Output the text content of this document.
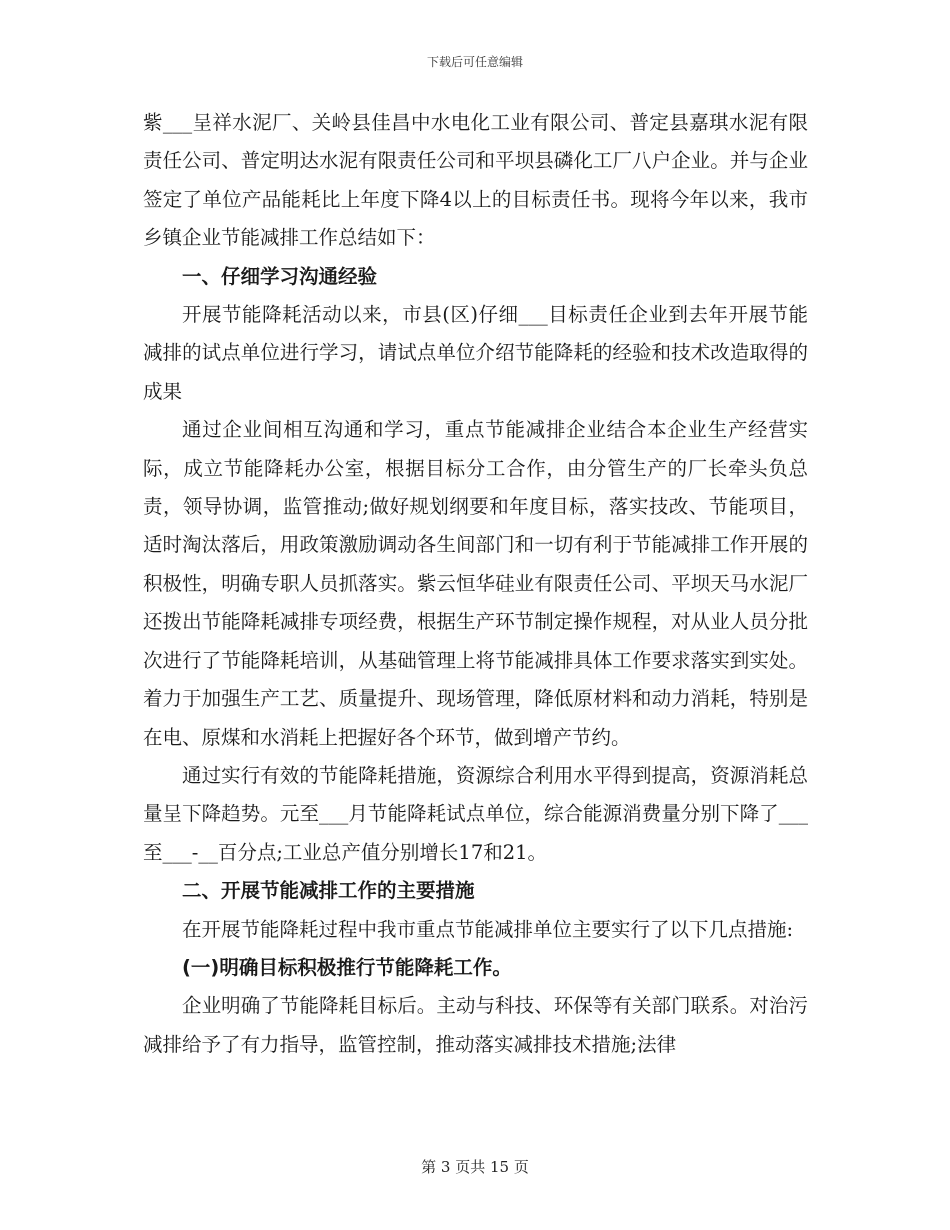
下载后可任意编辑

紫___呈祥水泥厂、关岭县佳昌中水电化工业有限公司、普定县嘉琪水泥有限责任公司、普定明达水泥有限责任公司和平坝县磷化工厂八户企业。并与企业签定了单位产品能耗比上年度下降4以上的目标责任书。现将今年以来，我市乡镇企业节能减排工作总结如下：

一、仔细学习沟通经验

开展节能降耗活动以来，市县(区)仔细___目标责任企业到去年开展节能减排的试点单位进行学习，请试点单位介绍节能降耗的经验和技术改造取得的成果

通过企业间相互沟通和学习，重点节能减排企业结合本企业生产经营实际，成立节能降耗办公室，根据目标分工合作，由分管生产的厂长牵头负总责，领导协调，监管推动;做好规划纲要和年度目标，落实技改、节能项目，适时淘汰落后，用政策激励调动各生间部门和一切有利于节能减排工作开展的积极性，明确专职人员抓落实。紫云恒华硅业有限责任公司、平坝天马水泥厂还拨出节能降耗减排专项经费，根据生产环节制定操作规程，对从业人员分批次进行了节能降耗培训，从基础管理上将节能减排具体工作要求落实到实处。着力于加强生产工艺、质量提升、现场管理，降低原材料和动力消耗，特别是在电、原煤和水消耗上把握好各个环节，做到增产节约。

通过实行有效的节能降耗措施，资源综合利用水平得到提高，资源消耗总量呈下降趋势。元至___月节能降耗试点单位，综合能源消费量分别下降了___至___-__百分点;工业总产值分别增长17和21。

二、开展节能减排工作的主要措施

在开展节能降耗过程中我市重点节能减排单位主要实行了以下几点措施:

(一)明确目标积极推行节能降耗工作。

企业明确了节能降耗目标后。主动与科技、环保等有关部门联系。对治污减排给予了有力指导，监管控制，推动落实减排技术措施;法律

第 3 页共 15 页
